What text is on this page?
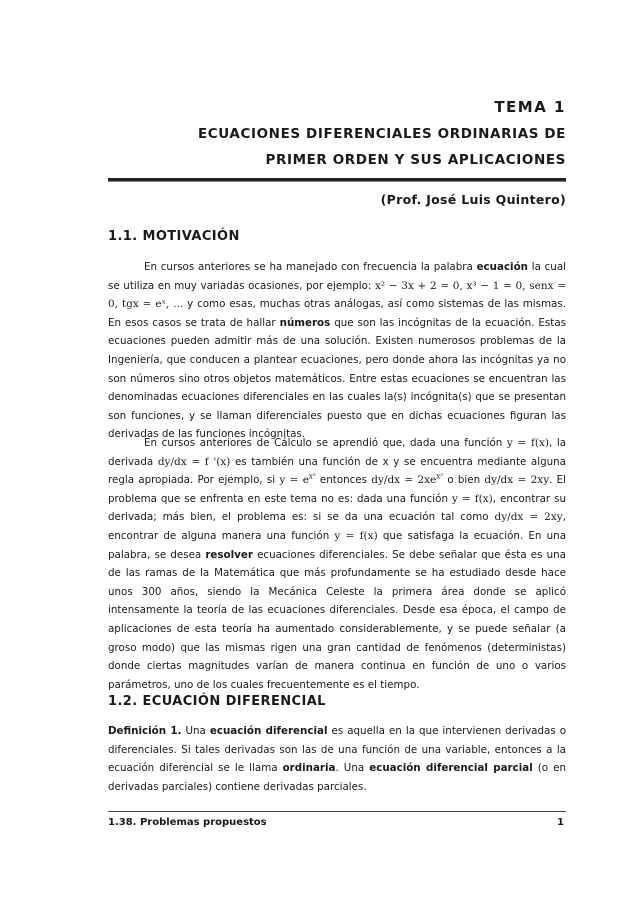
TEMA 1
ECUACIONES DIFERENCIALES ORDINARIAS DE
PRIMER ORDEN Y SUS APLICACIONES
(Prof. José Luis Quintero)
1.1. MOTIVACIÓN

En cursos anteriores se ha manejado con frecuencia la palabra ecuación la cual se utiliza en muy variadas ocasiones, por ejemplo: x² − 3x + 2 = 0, x³ − 1 = 0, senx = 0, tgx = eˣ, ... y como esas, muchas otras análogas, así como sistemas de las mismas. En esos casos se trata de hallar números que son las incógnitas de la ecuación. Estas ecuaciones pueden admitir más de una solución. Existen numerosos problemas de la Ingeniería, que conducen a plantear ecuaciones, pero donde ahora las incógnitas ya no son números sino otros objetos matemáticos. Entre estas ecuaciones se encuentran las denominadas ecuaciones diferenciales en las cuales la(s) incógnita(s) que se presentan son funciones, y se llaman diferenciales puesto que en dichas ecuaciones figuran las derivadas de las funciones incógnitas.

En cursos anteriores de Cálculo se aprendió que, dada una función y = f(x), la derivada dy/dx = f '(x) es también una función de x y se encuentra mediante alguna regla apropiada. Por ejemplo, si $y = e^{x^2}$ entonces $dy/dx = 2xe^{x^2}$ o bien dy/dx = 2xy. El problema que se enfrenta en este tema no es: dada una función y = f(x), encontrar su derivada; más bien, el problema es: si se da una ecuación tal como dy/dx = 2xy, encontrar de alguna manera una función y = f(x) que satisfaga la ecuación. En una palabra, se desea resolver ecuaciones diferenciales. Se debe señalar que ésta es una de las ramas de la Matemática que más profundamente se ha estudiado desde hace unos 300 años, siendo la Mecánica Celeste la primera área donde se aplicó intensamente la teoría de las ecuaciones diferenciales. Desde esa época, el campo de aplicaciones de esta teoría ha aumentado considerablemente, y se puede señalar (a groso modo) que las mismas rigen una gran cantidad de fenómenos (deterministas) donde ciertas magnitudes varían de manera continua en función de uno o varios parámetros, uno de los cuales frecuentemente es el tiempo.

1.2. ECUACIÓN DIFERENCIAL

Definición 1. Una ecuación diferencial es aquella en la que intervienen derivadas o diferenciales. Si tales derivadas son las de una función de una variable, entonces a la ecuación diferencial se le llama ordinaria. Una ecuación diferencial parcial (o en derivadas parciales) contiene derivadas parciales.

1.38. Problemas propuestos	1
